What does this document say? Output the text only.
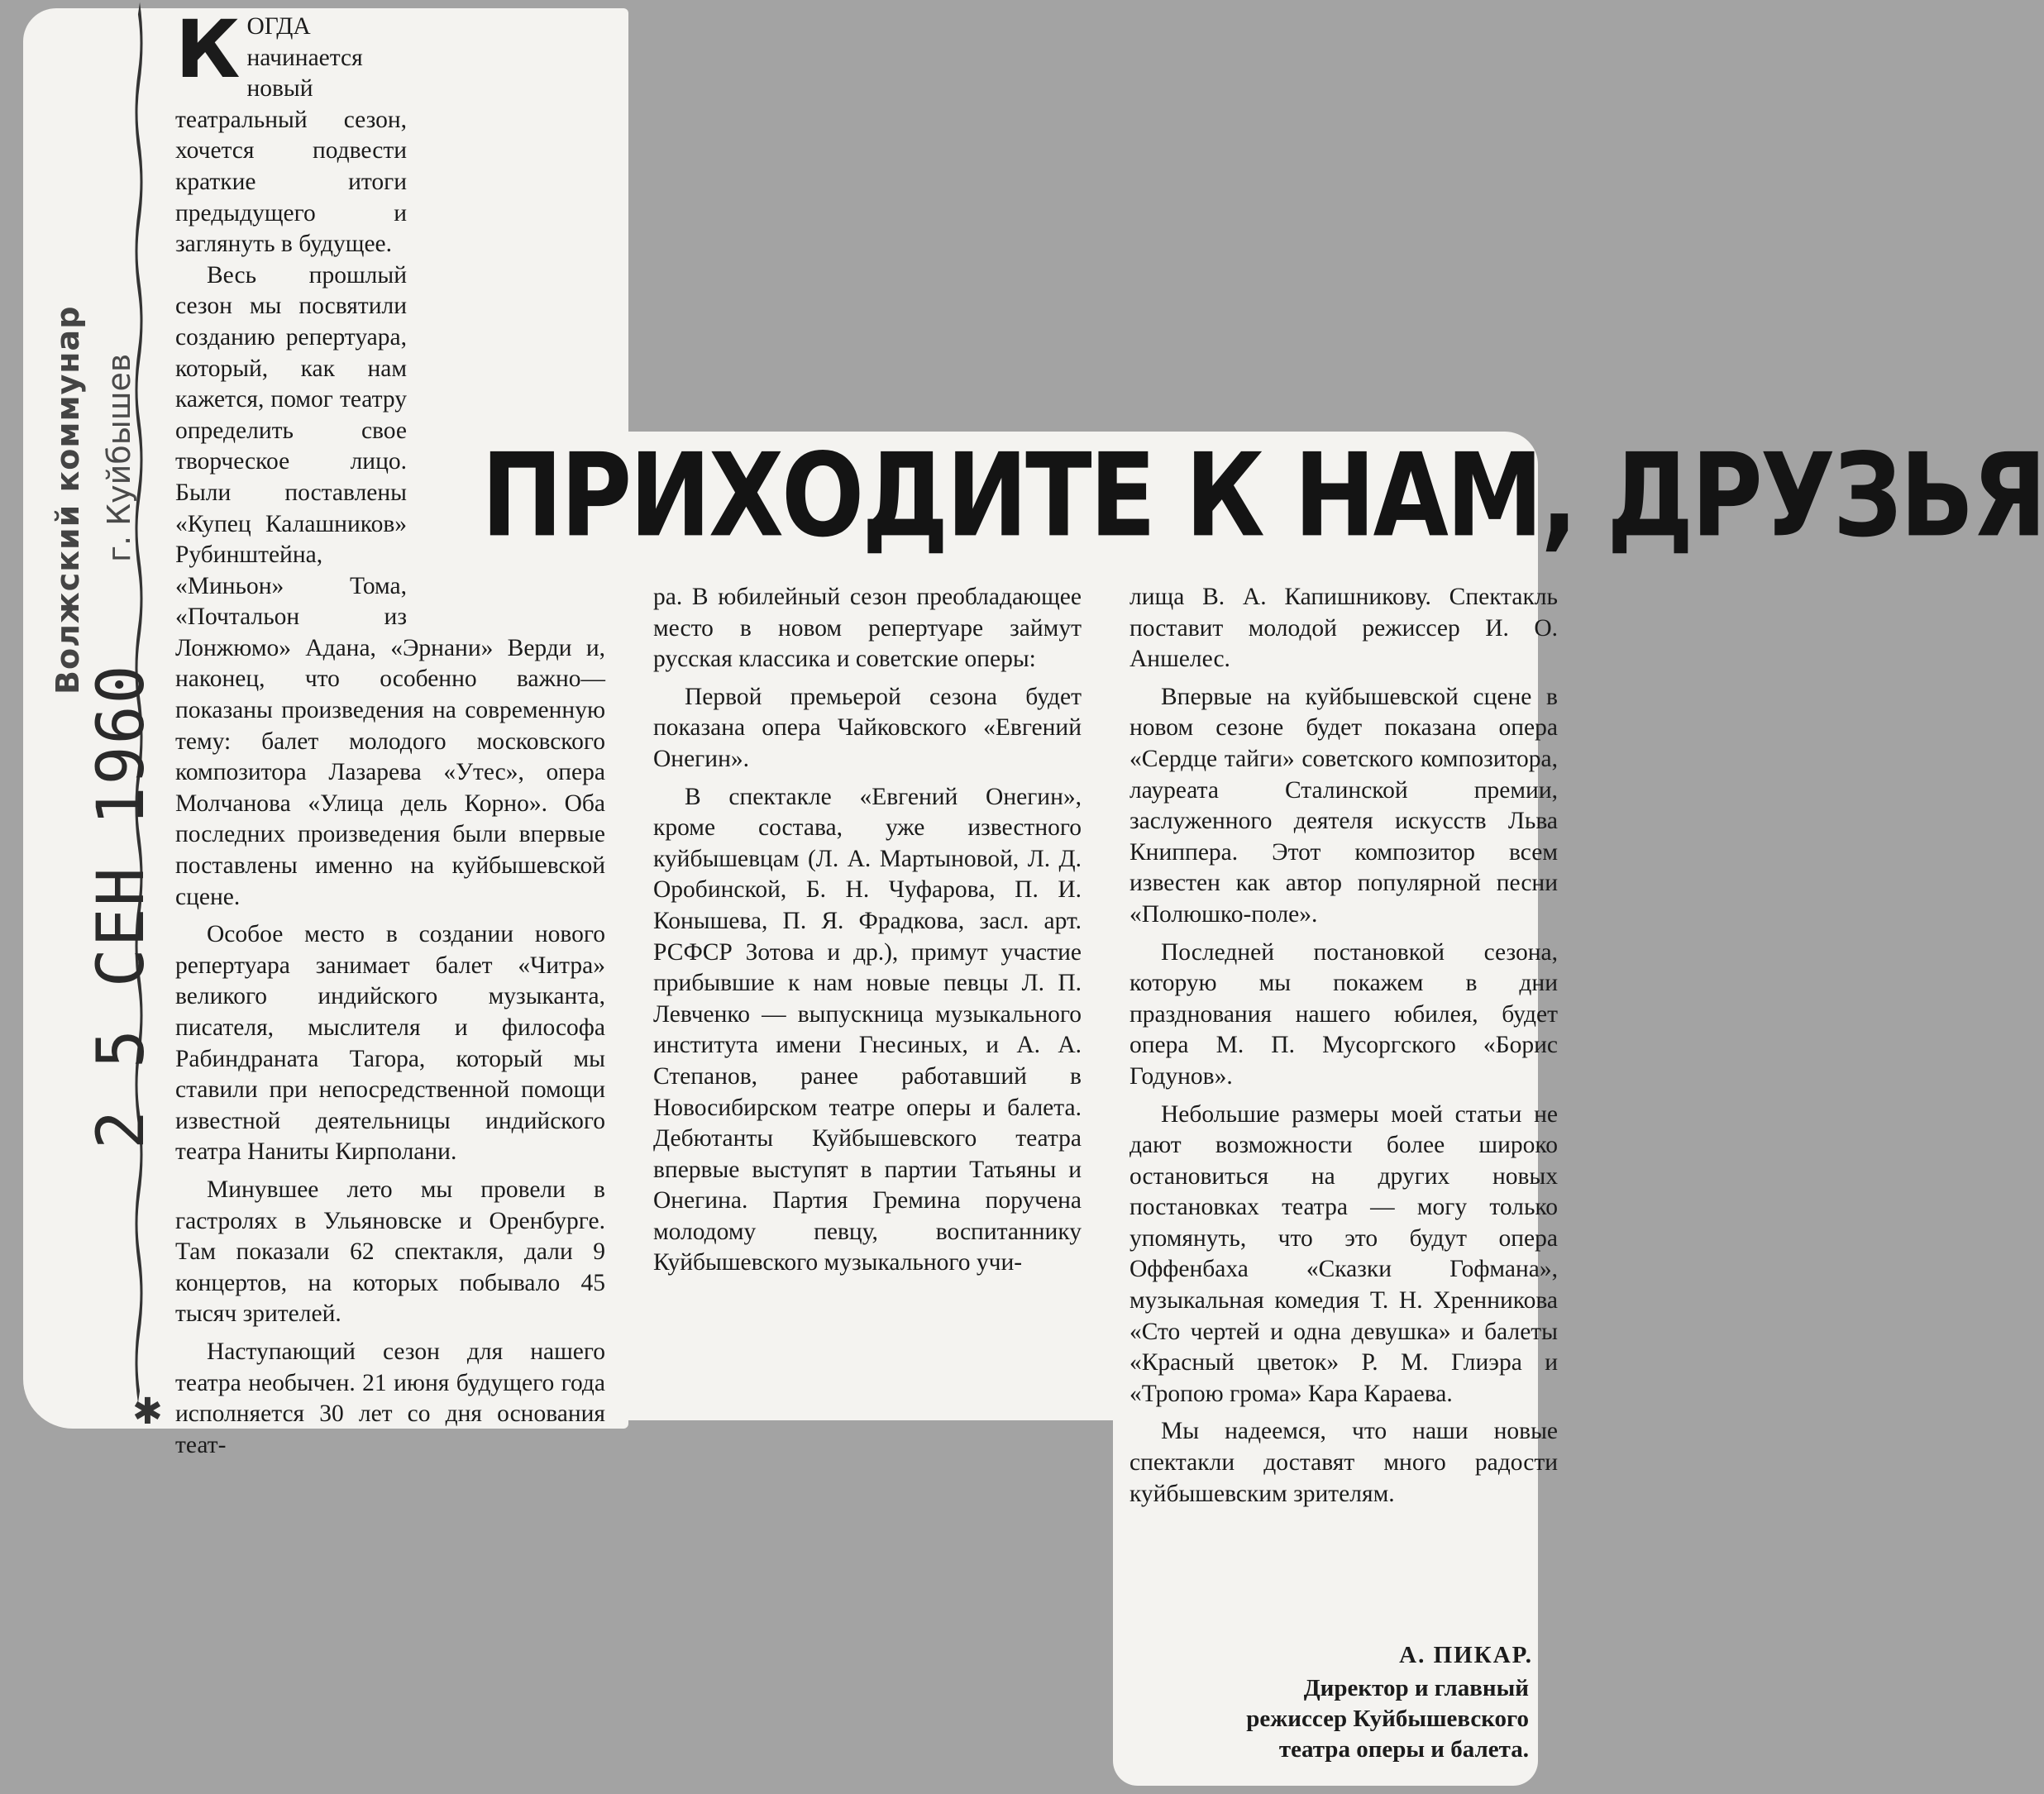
✱
Волжский коммунар г. Куйбышев
2 5 СЕН 1960
ПРИХОДИТЕ К НАМ, ДРУЗЬЯ
К ОГДА начинается новый театральный сезон, хочется подвести краткие итоги предыдущего и заглянуть в будущее.

Весь прошлый сезон мы посвятили созданию репертуара, который, как нам кажется, помог театру определить свое творческое лицо. Были поставлены «Купец Калашников» Рубинштейна, «Миньон» Тома, «Почтальон из Лонжюмо» Адана, «Эрнани» Верди и, наконец, что особенно важно— показаны произведения на современную тему: балет молодого московского композитора Лазарева «Утес», опера Молчанова «Улица дель Корно». Оба последних произведения были впервые поставлены именно на куйбышевской сцене.

Особое место в создании нового репертуара занимает балет «Читра» великого индийского музыканта, писателя, мыслителя и философа Рабиндраната Тагора, который мы ставили при непосредственной помощи известной деятельницы индийского театра Наниты Кирполани.

Минувшее лето мы провели в гастролях в Ульяновске и Оренбурге. Там показали 62 спектакля, дали 9 концертов, на которых побывало 45 тысяч зрителей.

Наступающий сезон для нашего театра необычен. 21 июня будущего года исполняется 30 лет со дня основания теат-

ра. В юбилейный сезон преобладающее место в новом репертуаре займут русская классика и советские оперы:

Первой премьерой сезона будет показана опера Чайковского «Евгений Онегин».

В спектакле «Евгений Онегин», кроме состава, уже известного куйбышевцам (Л. А. Мартыновой, Л. Д. Оробинской, Б. Н. Чуфарова, П. И. Конышева, П. Я. Фрадкова, засл. арт. РСФСР Зотова и др.), примут участие прибывшие к нам новые певцы Л. П. Левченко — выпускница музыкального института имени Гнесиных, и А. А. Степанов, ранее работавший в Новосибирском театре оперы и балета. Дебютанты Куйбышевского театра впервые выступят в партии Татьяны и Онегина. Партия Гремина поручена молодому певцу, воспитаннику Куйбышевского музыкального учи-

лища В. А. Капишникову. Спектакль поставит молодой режиссер И. О. Аншелес.

Впервые на куйбышевской сцене в новом сезоне будет показана опера «Сердце тайги» советского композитора, лауреата Сталинской премии, заслуженного деятеля искусств Льва Книппера. Этот композитор всем известен как автор популярной песни «Полюшко-поле».

Последней постановкой сезона, которую мы покажем в дни празднования нашего юбилея, будет опера М. П. Мусоргского «Борис Годунов».

Небольшие размеры моей статьи не дают возможности более широко остановиться на других новых постановках театра — могу только упомянуть, что это будут опера Оффенбаха «Сказки Гофмана», музыкальная комедия Т. Н. Хренникова «Сто чертей и одна девушка» и балеты «Красный цветок» Р. М. Глиэра и «Тропою грома» Кара Караева.

Мы надеемся, что наши новые спектакли доставят много радости куйбышевским зрителям.

А. ПИКАР.
Директор и главный
режиссер Куйбышевского
театра оперы и балета.
